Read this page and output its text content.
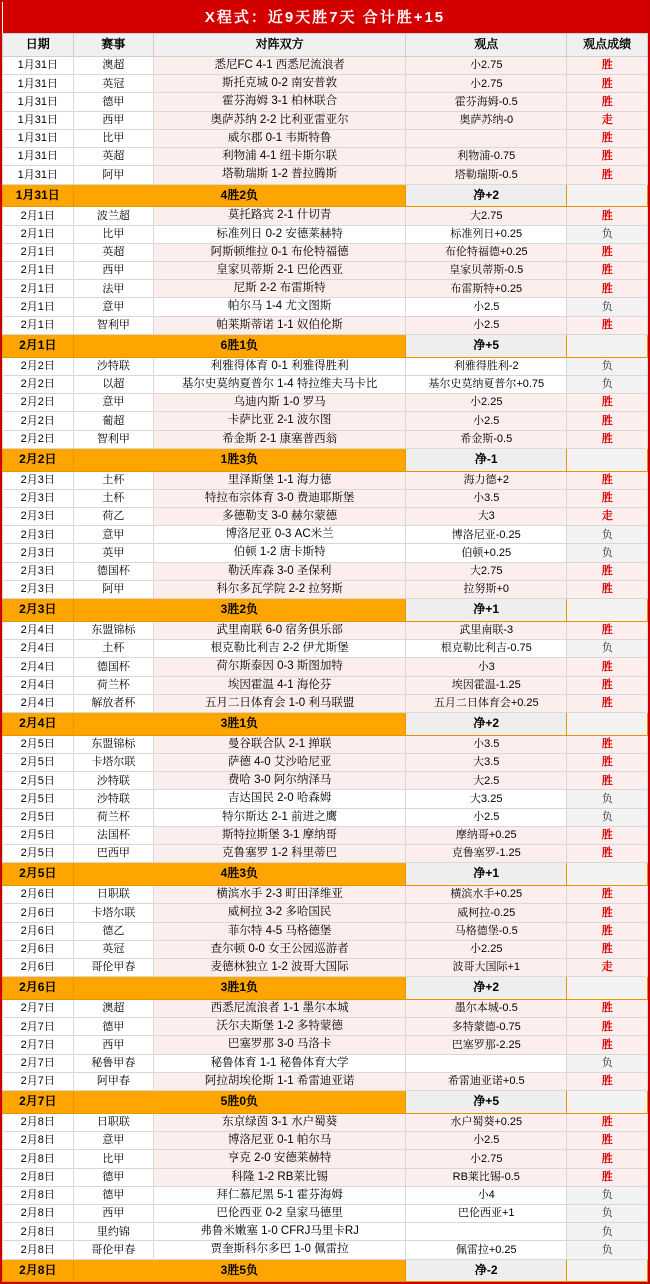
X程式：近9天胜7天 合计胜+15				
日期	赛事	对阵双方	观点	观点成绩
1月31日	澳超	悉尼FC 4-1 西悉尼流浪者	小2.75	胜
1月31日	英冠	斯托克城 0-2 南安普敦	小2.75	胜
1月31日	德甲	霍芬海姆 3-1 柏林联合	霍芬海姆-0.5	胜
1月31日	西甲	奥萨苏纳 2-2 比利亚雷亚尔	奥萨苏纳-0	走
1月31日	比甲	威尔郡 0-1 韦斯特鲁		胜
1月31日	英超	利物浦 4-1 纽卡斯尔联	利物浦-0.75	胜
1月31日	阿甲	塔勒瑞斯 1-2 普拉腾斯	塔勒瑞斯-0.5	胜
1月31日	4胜2负		净+2	
2月1日	波兰超	莫托路宾 2-1 什切青	大2.75	胜
2月1日	比甲	标准列日 0-2 安德莱赫特	标准列日+0.25	负
2月1日	英超	阿斯顿维拉 0-1 布伦特福德	布伦特福德+0.25	胜
2月1日	西甲	皇家贝蒂斯 2-1 巴伦西亚	皇家贝蒂斯-0.5	胜
2月1日	法甲	尼斯 2-2 布雷斯特	布雷斯特+0.25	胜
2月1日	意甲	帕尔马 1-4 尤文图斯	小2.5	负
2月1日	智利甲	帕莱斯蒂诺 1-1 奴伯伦斯	小2.5	胜
2月1日	6胜1负		净+5	
2月2日	沙特联	利雅得体育 0-1 利雅得胜利	利雅得胜利-2	负
2月2日	以超	基尔史莫纳夏普尔 1-4 特拉维夫马卡比	基尔史莫纳夏普尔+0.75	负
2月2日	意甲	乌迪内斯 1-0 罗马	小2.25	胜
2月2日	葡超	卡萨比亚 2-1 波尔图	小2.5	胜
2月2日	智利甲	希金斯 2-1 康塞普西翁	希金斯-0.5	胜
2月2日	1胜3负		净-1	
2月3日	土杯	里泽斯堡 1-1 海力德	海力德+2	胜
2月3日	土杯	特拉布宗体育 3-0 费迪耶斯堡	小3.5	胜
2月3日	荷乙	多德勒支 3-0 赫尔蒙德	大3	走
2月3日	意甲	博洛尼亚 0-3 AC米兰	博洛尼亚-0.25	负
2月3日	英甲	伯顿 1-2 唐卡斯特	伯顿+0.25	负
2月3日	德国杯	勒沃库森 3-0 圣保利	大2.75	胜
2月3日	阿甲	科尔多瓦学院 2-2 拉努斯	拉努斯+0	胜
2月3日	3胜2负		净+1	
2月4日	东盟锦标	武里南联 6-0 宿务俱乐部	武里南联-3	胜
2月4日	土杯	根克勒比利吉 2-2 伊尤斯堡	根克勒比利吉-0.75	负
2月4日	德国杯	荷尔斯泰因 0-3 斯图加特	小3	胜
2月4日	荷兰杯	埃因霍温 4-1 海伦芬	埃因霍温-1.25	胜
2月4日	解放者杯	五月二日体育会 1-0 利马联盟	五月二日体育会+0.25	胜
2月4日	3胜1负		净+2	
2月5日	东盟锦标	曼谷联合队 2-1 掸联	小3.5	胜
2月5日	卡塔尔联	萨德 4-0 艾沙哈尼亚	大3.5	胜
2月5日	沙特联	费哈 3-0 阿尔纳泽马	大2.5	胜
2月5日	沙特联	吉达国民 2-0 哈森姆	大3.25	负
2月5日	荷兰杯	特尔斯达 2-1 前进之鹰	小2.5	负
2月5日	法国杯	斯特拉斯堡 3-1 摩纳哥	摩纳哥+0.25	胜
2月5日	巴西甲	克鲁塞罗 1-2 科里蒂巴	克鲁塞罗-1.25	胜
2月5日	4胜3负		净+1	
2月6日	日职联	横滨水手 2-3 町田泽维亚	横滨水手+0.25	胜
2月6日	卡塔尔联	威柯拉 3-2 多哈国民	威柯拉-0.25	胜
2月6日	德乙	菲尔特 4-5 马格德堡	马格德堡-0.5	胜
2月6日	英冠	查尔顿 0-0 女王公园巡游者	小2.25	胜
2月6日	哥伦甲春	麦德林独立 1-2 波哥大国际	波哥大国际+1	走
2月6日	3胜1负		净+2	
2月7日	澳超	西悉尼流浪者 1-1 墨尔本城	墨尔本城-0.5	胜
2月7日	德甲	沃尔夫斯堡 1-2 多特蒙德	多特蒙德-0.75	胜
2月7日	西甲	巴塞罗那 3-0 马洛卡	巴塞罗那-2.25	胜
2月7日	秘鲁甲春	秘鲁体育 1-1 秘鲁体育大学		负
2月7日	阿甲春	阿拉胡埃伦斯 1-1 希雷迪亚诺	希雷迪亚诺+0.5	胜
2月7日	5胜0负		净+5	
2月8日	日职联	东京绿茵 3-1 水户蜀葵	水户蜀葵+0.25	胜
2月8日	意甲	博洛尼亚 0-1 帕尔马	小2.5	胜
2月8日	比甲	亨克 2-0 安德莱赫特	小2.75	胜
2月8日	德甲	科隆 1-2 RB莱比锡	RB莱比锡-0.5	胜
2月8日	德甲	拜仁慕尼黑 5-1 霍芬海姆	小4	负
2月8日	西甲	巴伦西亚 0-2 皇家马德里	巴伦西亚+1	负
2月8日	里约锦	弗鲁米嫩塞 1-0 CFRJ马里卡RJ		负
2月8日	哥伦甲春	贾奎斯科尔多巴 1-0 佩雷拉	佩雷拉+0.25	负
2月8日	3胜5负		净-2	
